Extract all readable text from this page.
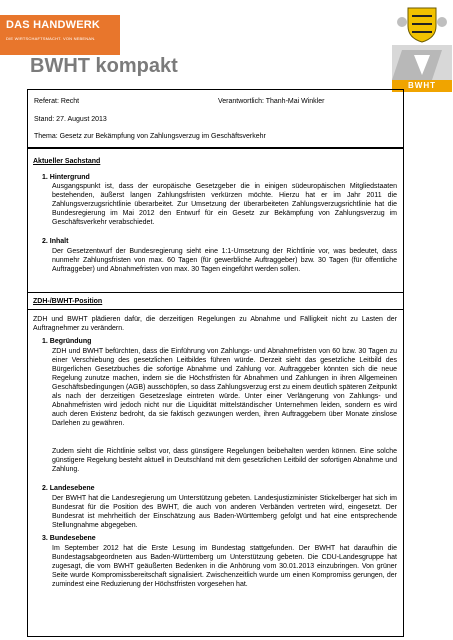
DAS HANDWERK
DIE WIRTSCHAFTSMACHT. VON NEBENAN.
BWHT
BWHT kompakt
Referat: Recht	Verantwortlich: Thanh-Mai Winkler
Stand: 27. August 2013
Thema: Gesetz zur Bekämpfung von Zahlungsverzug im Geschäftsverkehr
Aktueller Sachstand
1. Hintergrund
Ausgangspunkt ist, dass der europäische Gesetzgeber die in einigen südeuropäischen Mitgliedstaaten bestehenden, äußerst langen Zahlungsfristen verkürzen möchte. Hierzu hat er im Jahr 2011 die Zahlungsverzugsrichtlinie überarbeitet. Zur Umsetzung der überarbeiteten Zahlungsverzugsrichtlinie hat die Bundesregierung im Mai 2012 den Entwurf für ein Gesetz zur Bekämpfung von Zahlungsverzug im Geschäftsverkehr verabschiedet.
2. Inhalt
Der Gesetzentwurf der Bundesregierung sieht eine 1:1-Umsetzung der Richtlinie vor, was bedeutet, dass nunmehr Zahlungsfristen von max. 60 Tagen (für gewerbliche Auftraggeber) bzw. 30 Tagen (für öffentliche Auftraggeber) und Abnahmefristen von max. 30 Tagen eingeführt werden sollen.
ZDH-/BWHT-Position
ZDH und BWHT plädieren dafür, die derzeitigen Regelungen zu Abnahme und Fälligkeit nicht zu Lasten der Auftragnehmer zu verändern.
1. Begründung
ZDH und BWHT befürchten, dass die Einführung von Zahlungs- und Abnahmefristen von 60 bzw. 30 Tagen zu einer Verschiebung des gesetzlichen Leitbildes führen würde. Derzeit sieht das gesetzliche Leitbild des Bürgerlichen Gesetzbuches die sofortige Abnahme und Zahlung vor. Auftraggeber könnten sich die neue Regelung zunutze machen, indem sie die Höchstfristen für Abnahmen und Zahlungen in ihren Allgemeinen Geschäftsbedingungen (AGB) ausschöpfen, so dass Zahlungsverzug erst zu einem deutlich späteren Zeitpunkt als nach der derzeitigen Gesetzeslage eintreten würde. Unter einer Verlängerung von Zahlungs- und Abnahmefristen wird jedoch nicht nur die Liquidität mittelständischer Unternehmen leiden, sondern es wird auch deren Existenz bedroht, da sie faktisch gezwungen werden, ihren Auftraggebern über Monate zinslose Darlehen zu gewähren.
Zudem sieht die Richtlinie selbst vor, dass günstigere Regelungen beibehalten werden können. Eine solche günstigere Regelung besteht aktuell in Deutschland mit dem gesetzlichen Leitbild der sofortigen Abnahme und Zahlung.
2. Landesebene
Der BWHT hat die Landesregierung um Unterstützung gebeten. Landesjustizminister Stickelberger hat sich im Bundesrat für die Position des BWHT, die auch von anderen Verbänden vertreten wird, eingesetzt. Der Bundesrat ist mehrheitlich der Einschätzung aus Baden-Württemberg gefolgt und hat eine entsprechende Stellungnahme abgegeben.
3. Bundesebene
Im September 2012 hat die Erste Lesung im Bundestag stattgefunden. Der BWHT hat daraufhin die Bundestagsabgeordneten aus Baden-Württemberg um Unterstützung gebeten. Die CDU-Landesgruppe hat zugesagt, die vom BWHT geäußerten Bedenken in die Anhörung vom 30.01.2013 einzubringen. Von grüner Seite wurde Kompromissbereitschaft signalisiert. Zwischenzeitlich wurde um einen Kompromiss gerungen, der zumindest eine Reduzierung der Höchstfristen vorgesehen hat.
